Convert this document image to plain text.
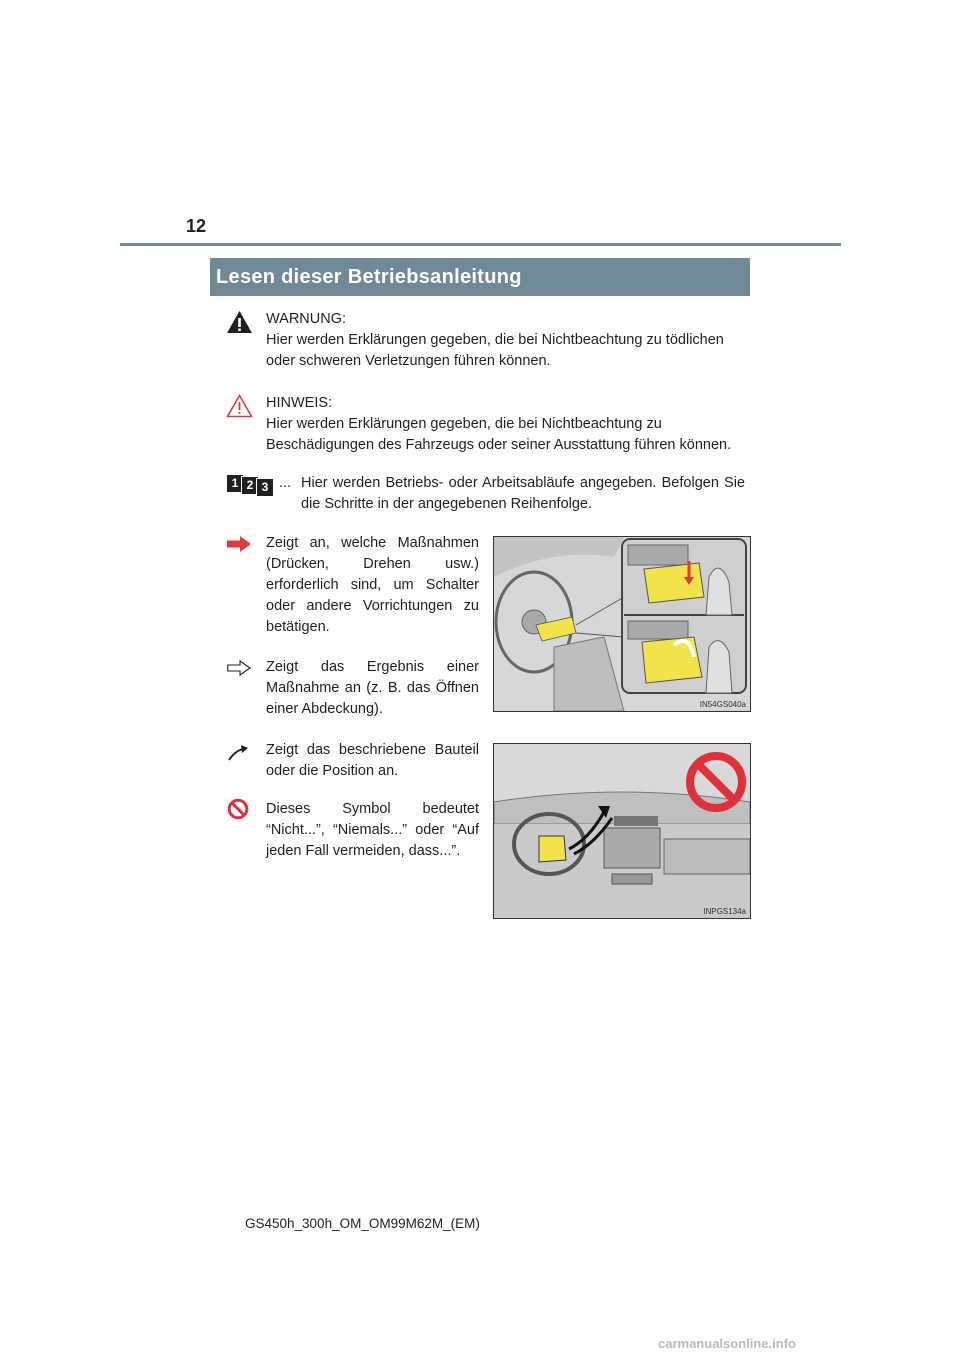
12
Lesen dieser Betriebsanleitung
WARNUNG:
Hier werden Erklärungen gegeben, die bei Nichtbeachtung zu tödlichen oder schweren Verletzungen führen können.
HINWEIS:
Hier werden Erklärungen gegeben, die bei Nichtbeachtung zu Beschädigungen des Fahrzeugs oder seiner Ausstattung führen können.
1 2 3 ... Hier werden Betriebs- oder Arbeitsabläufe angegeben. Befolgen Sie die Schritte in der angegebenen Reihenfolge.
Zeigt an, welche Maßnahmen (Drücken, Drehen usw.) erforderlich sind, um Schalter oder andere Vorrichtungen zu betätigen.
Zeigt das Ergebnis einer Maßnahme an (z. B. das Öffnen einer Abdeckung).	IN54GS040a
Zeigt das beschriebene Bauteil oder die Position an.
Dieses Symbol bedeutet “Nicht...”, “Niemals...” oder “Auf jeden Fall vermeiden, dass...”.
INPGS134a
GS450h_300h_OM_OM99M62M_(EM)
carmanualsonline.info
